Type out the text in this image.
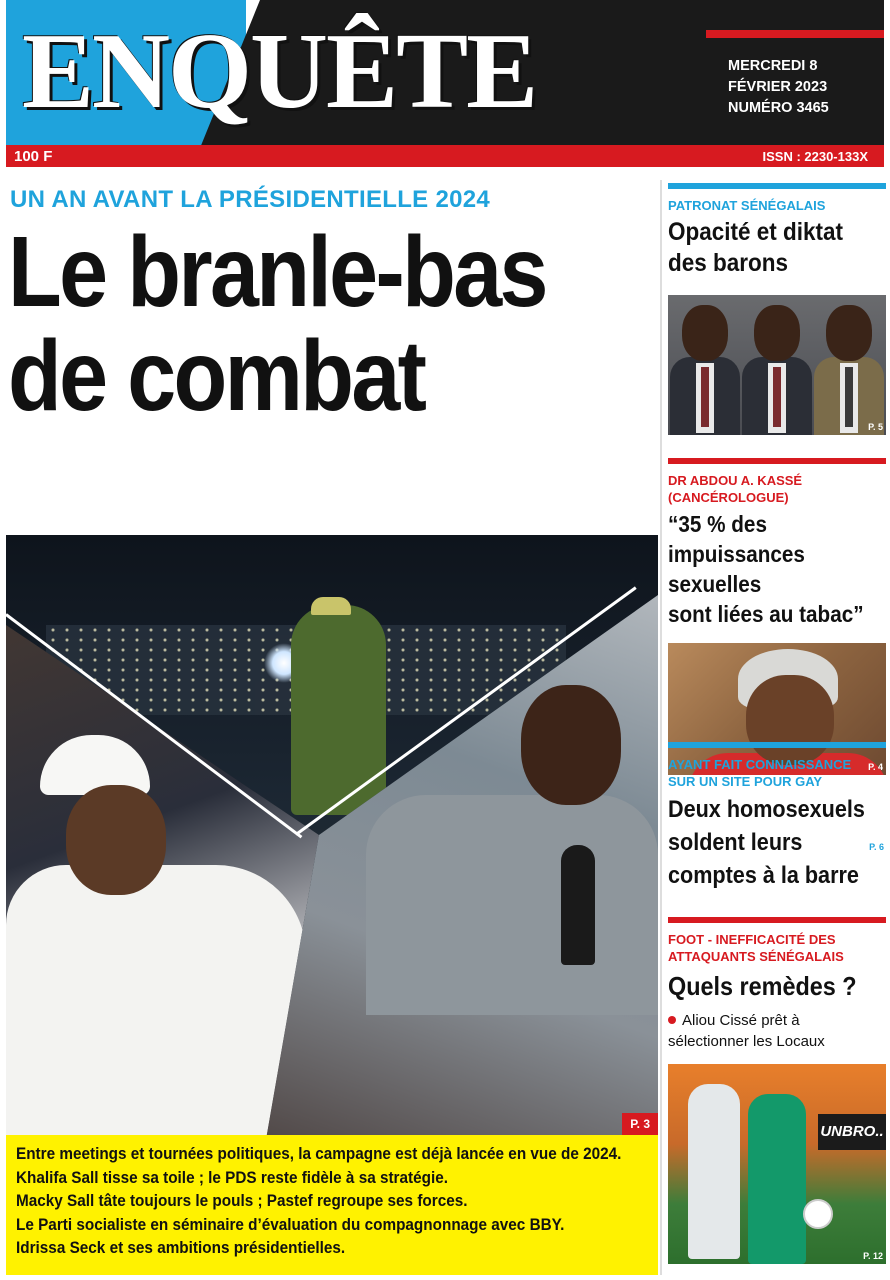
ENQUÊTE	MERCREDI 8
FÉVRIER 2023
NUMÉRO 3465
100 F	ISSN : 2230-133X
UN AN AVANT LA PRÉSIDENTIELLE 2024
Le branle-bas
de combat
P. 3

Entre meetings et tournées politiques, la campagne est déjà lancée en vue de 2024.

Khalifa Sall tisse sa toile ; le PDS reste fidèle à sa stratégie.

Macky Sall tâte toujours le pouls ; Pastef regroupe ses forces.

Le Parti socialiste en séminaire d’évaluation du compagnonnage avec BBY.

Idrissa Seck et ses ambitions présidentielles.

PATRONAT SÉNÉGALAIS
Opacité et diktat
des barons
P. 5
DR ABDOU A. KASSÉ (CANCÉROLOGUE)
“35 % des
impuissances sexuelles
sont liées au tabac”
P. 4
AYANT FAIT CONNAISSANCE
SUR UN SITE POUR GAY
Deux homosexuels
soldent leurs
comptes à la barre
P. 6
FOOT - INEFFICACITÉ DES
ATTAQUANTS SÉNÉGALAIS
Quels remèdes ?
Aliou Cissé prêt à
sélectionner les Locaux
UNBRO..
P. 12
